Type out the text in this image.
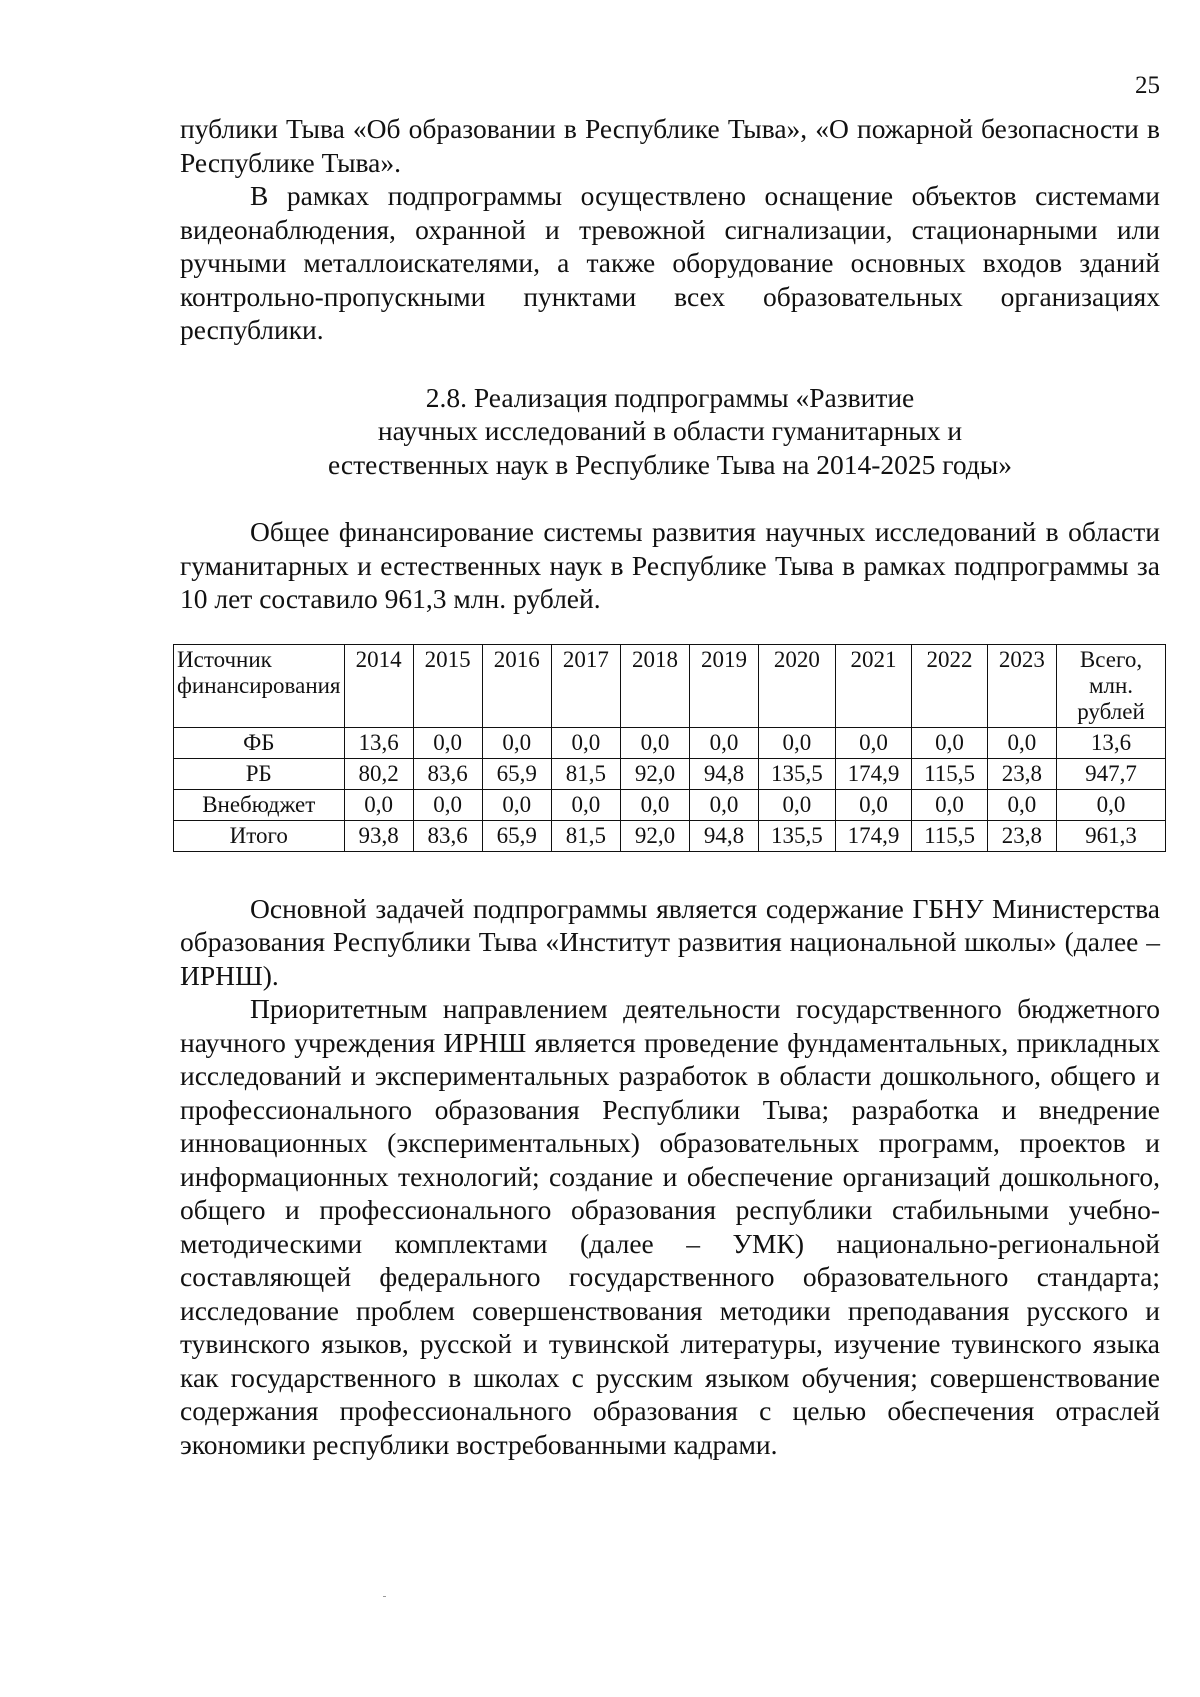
25

публики Тыва «Об образовании в Республике Тыва», «О пожарной безопасности в Республике Тыва».

В рамках подпрограммы осуществлено оснащение объектов системами видеонаблюдения, охранной и тревожной сигнализации, стационарными или ручными металлоискателями, а также оборудование основных входов зданий контрольно-пропускными пунктами всех образовательных организациях республики.

2.8. Реализация подпрограммы «Развитие
научных исследований в области гуманитарных и
естественных наук в Республике Тыва на 2014-2025 годы»

Общее финансирование системы развития научных исследований в области гуманитарных и естественных наук в Республике Тыва в рамках подпрограммы за 10 лет составило 961,3 млн. рублей.

Источник финансирования	2014	2015	2016	2017	2018	2019	2020	2021	2022	2023	Всего, млн. рублей
ФБ	13,6	0,0	0,0	0,0	0,0	0,0	0,0	0,0	0,0	0,0	13,6
РБ	80,2	83,6	65,9	81,5	92,0	94,8	135,5	174,9	115,5	23,8	947,7
Внебюджет	0,0	0,0	0,0	0,0	0,0	0,0	0,0	0,0	0,0	0,0	0,0
Итого	93,8	83,6	65,9	81,5	92,0	94,8	135,5	174,9	115,5	23,8	961,3

Основной задачей подпрограммы является содержание ГБНУ Министерства образования Республики Тыва «Институт развития национальной школы» (далее – ИРНШ).

Приоритетным направлением деятельности государственного бюджетного научного учреждения ИРНШ является проведение фундаментальных, прикладных исследований и экспериментальных разработок в области дошкольного, общего и профессионального образования Республики Тыва; разработка и внедрение инновационных (экспериментальных) образовательных программ, проектов и информационных технологий; создание и обеспечение организаций дошкольного, общего и профессионального образования республики стабильными учебно-методическими комплектами (далее – УМК) национально-региональной составляющей федерального государственного образовательного стандарта; исследование проблем совершенствования методики преподавания русского и тувинского языков, русской и тувинской литературы, изучение тувинского языка как государственного в школах с русским языком обучения; совершенствование содержания профессионального образования с целью обеспечения отраслей экономики республики востребованными кадрами.
